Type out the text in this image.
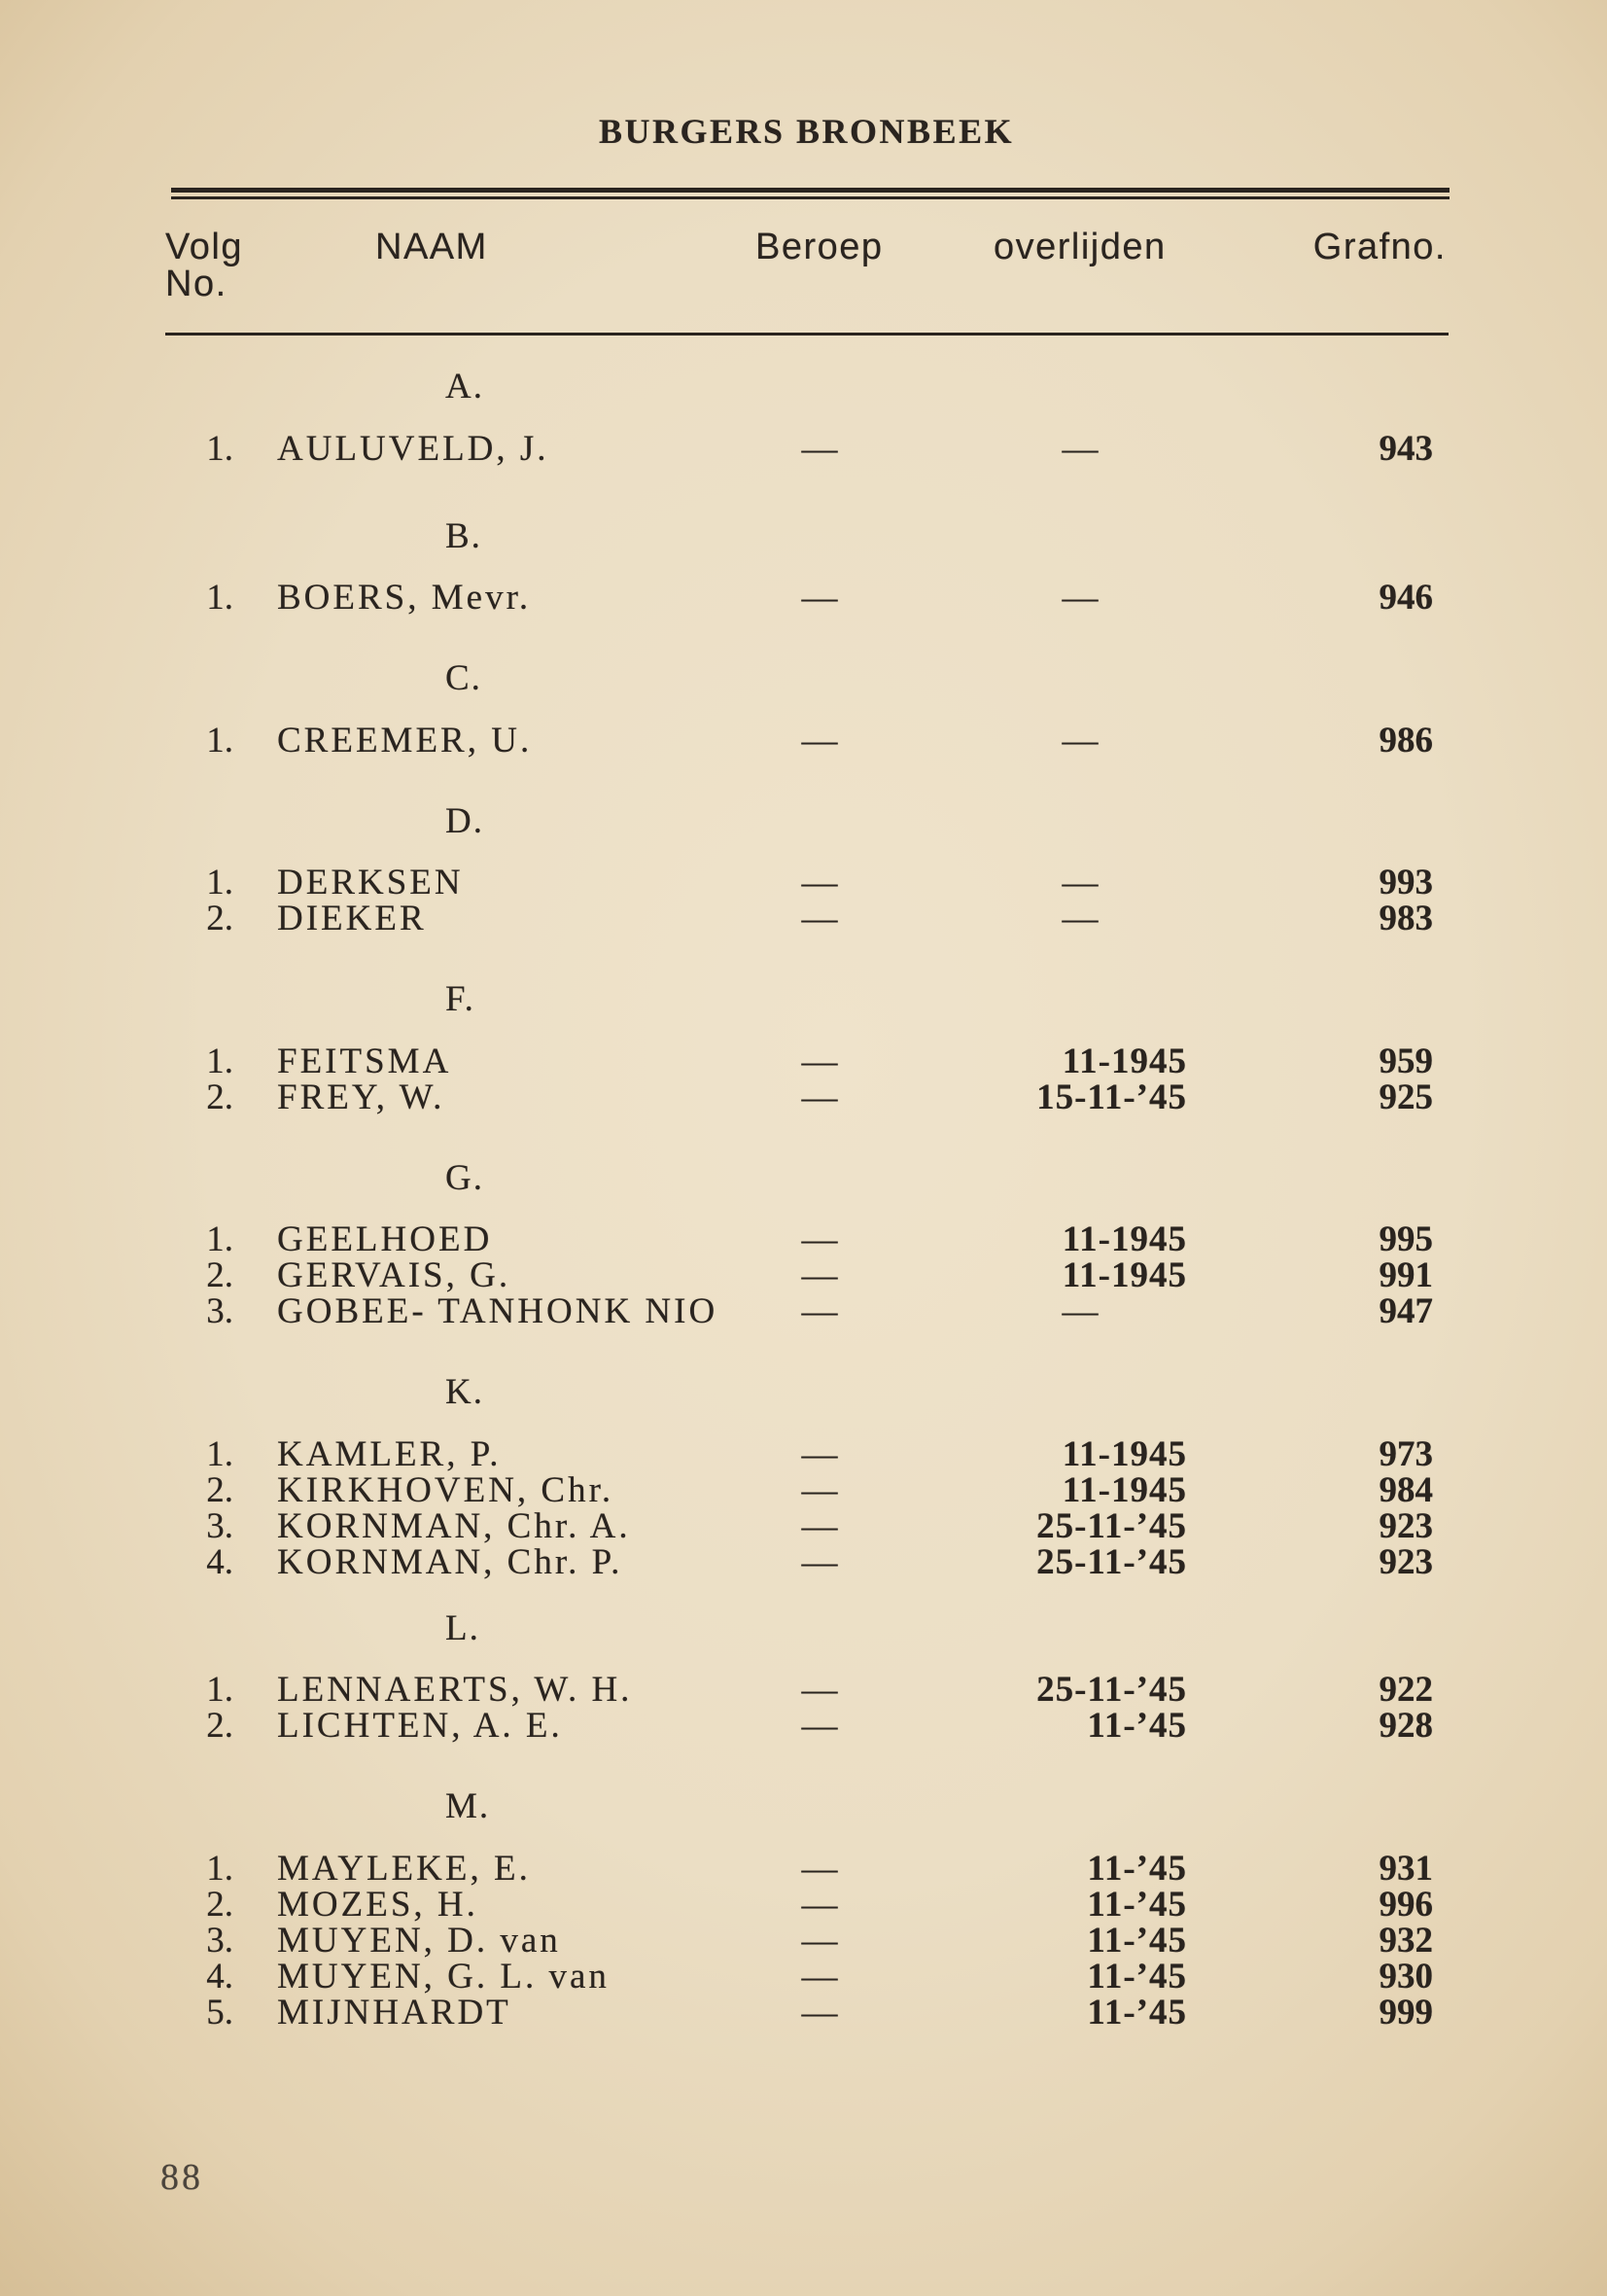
BURGERS BRONBEEK
Volg
No.
NAAM	Beroep	overlijden	Grafno.
A.
1. AULUVELD, J.	—	—	943
B.
1. BOERS, Mevr.	—	—	946
C.
1. CREEMER, U.	—	—	986
D.
1. DERKSEN	—	—	993
2. DIEKER	—	—	983
F.
1. FEITSMA	—	11-1945	959
2. FREY, W.	—	15-11-’45	925
G.
1. GEELHOED	—	11-1945	995
2. GERVAIS, G.	—	11-1945	991
3. GOBEE- TANHONK NIO	—	—	947
K.
1. KAMLER, P.	—	11-1945	973
2. KIRKHOVEN, Chr.	—	11-1945	984
3. KORNMAN, Chr. A.	—	25-11-’45	923
4. KORNMAN, Chr. P.	—	25-11-’45	923
L.
1. LENNAERTS, W. H.	—	25-11-’45	922
2. LICHTEN, A. E.	—	11-’45	928
M.
1. MAYLEKE, E.	—	11-’45	931
2. MOZES, H.	—	11-’45	996
3. MUYEN, D. van	—	11-’45	932
4. MUYEN, G. L. van	—	11-’45	930
5. MIJNHARDT	—	11-’45	999
88
